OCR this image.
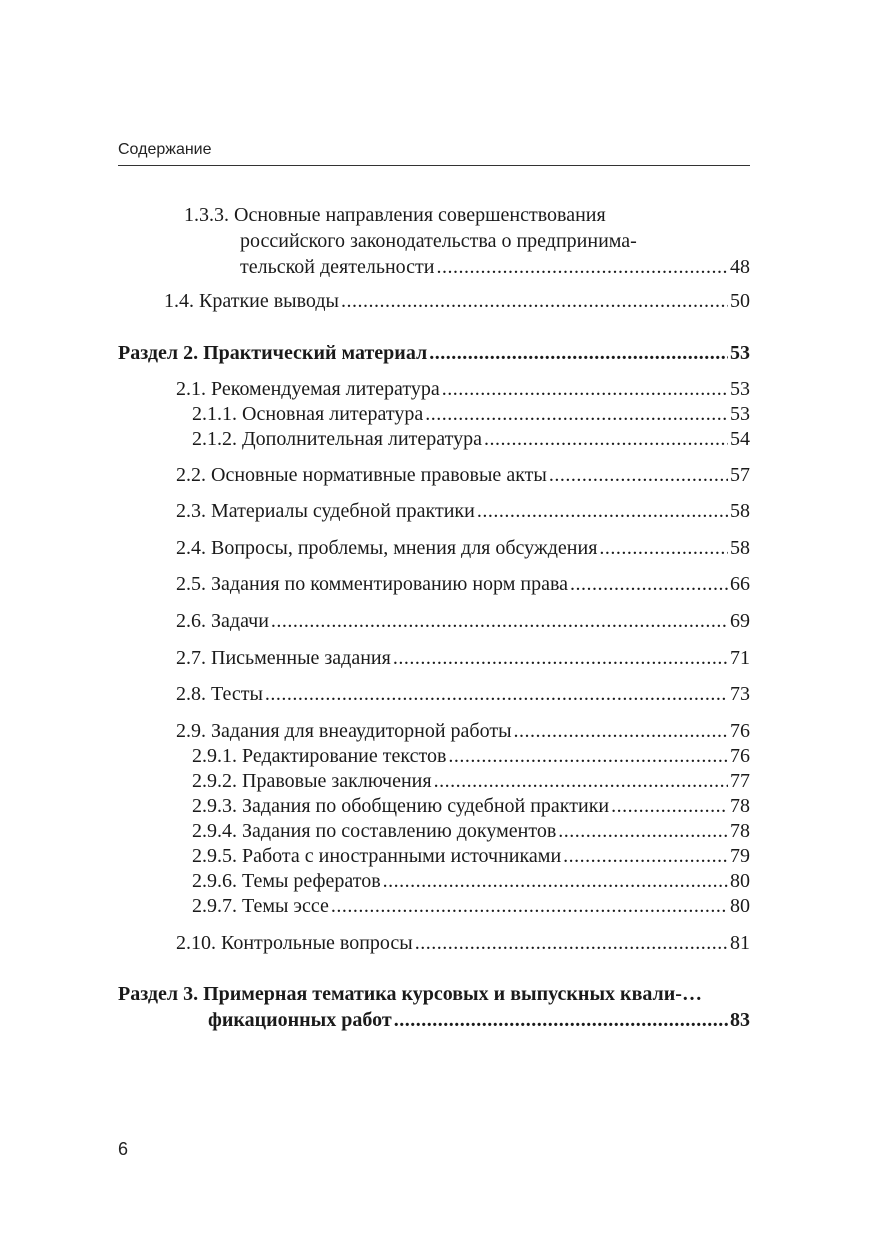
Содержание
1.3.3. Основные направления совершенствования
российского законодательства о предпринима-
тельской деятельности .....	48
1.4. Краткие выводы .....	50
Раздел 2. Практический материал .....	53
2.1. Рекомендуемая литература .....	53
2.1.1. Основная литература .....	53
2.1.2. Дополнительная литература .....	54
2.2. Основные нормативные правовые акты .....	57
2.3. Материалы судебной практики .....	58
2.4. Вопросы, проблемы, мнения для обсуждения .....	58
2.5. Задания по комментированию норм права .....	66
2.6. Задачи .....	69
2.7. Письменные задания .....	71
2.8. Тесты .....	73
2.9. Задания для внеаудиторной работы .....	76
2.9.1. Редактирование текстов .....	76
2.9.2. Правовые заключения .....	77
2.9.3. Задания по обобщению судебной практики .....	78
2.9.4. Задания по составлению документов .....	78
2.9.5. Работа с иностранными источниками .....	79
2.9.6. Темы рефератов .....	80
2.9.7. Темы эссе .....	80
2.10. Контрольные вопросы .....	81
Раздел 3. Примерная тематика курсовых и выпускных квали-…
фикационных работ .....	83
6
